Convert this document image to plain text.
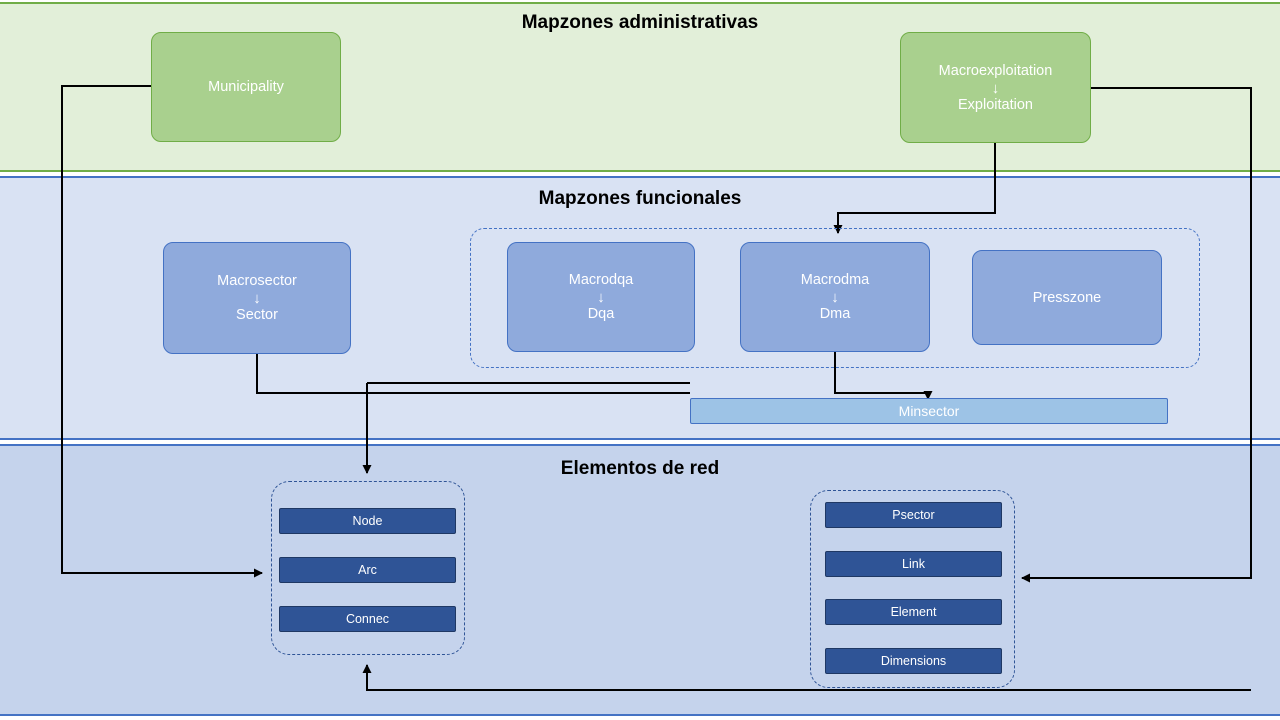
Mapzones administrativas
Mapzones funcionales
Elementos de red
Municipality
Macroexploitation
↓
Exploitation
Macrosector
↓
Sector
Macrodqa
↓
Dqa
Macrodma
↓
Dma
Presszone
Minsector
Node
Arc
Connec
Psector
Link
Element
Dimensions
